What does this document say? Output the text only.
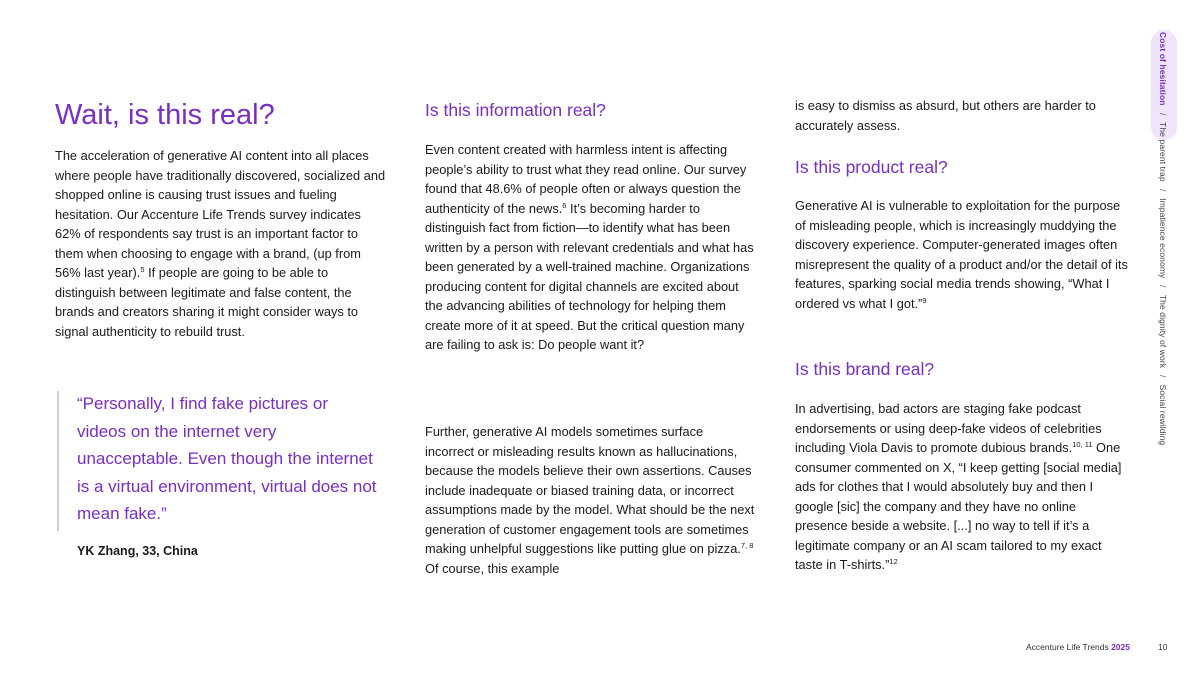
Wait, is this real?

The acceleration of generative AI content into all places where people have traditionally discovered, socialized and shopped online is causing trust issues and fueling hesitation. Our Accenture Life Trends survey indicates 62% of respondents say trust is an important factor to them when choosing to engage with a brand, (up from 56% last year).$^5$ If people are going to be able to distinguish between legitimate and false content, the brands and creators sharing it might consider ways to signal authenticity to rebuild trust.

“Personally, I find fake pictures or videos on the internet very unacceptable. Even though the internet is a virtual environment, virtual does not mean fake.”

YK Zhang, 33, China

Is this information real?

Even content created with harmless intent is affecting people’s ability to trust what they read online. Our survey found that 48.6% of people often or always question the authenticity of the news.$^6$ It’s becoming harder to distinguish fact from fiction—to identify what has been written by a person with relevant credentials and what has been generated by a well-trained machine. Organizations producing content for digital channels are excited about the advancing abilities of technology for helping them create more of it at speed. But the critical question many are failing to ask is: Do people want it?

Further, generative AI models sometimes surface incorrect or misleading results known as hallucinations, because the models believe their own assertions. Causes include inadequate or biased training data, or incorrect assumptions made by the model. What should be the next generation of customer engagement tools are sometimes making unhelpful suggestions like putting glue on pizza.$^{7, 8}$ Of course, this example

is easy to dismiss as absurd, but others are harder to accurately assess.

Is this product real?

Generative AI is vulnerable to exploitation for the purpose of misleading people, which is increasingly muddying the discovery experience. Computer-generated images often misrepresent the quality of a product and/or the detail of its features, sparking social media trends showing, “What I ordered vs what I got.”$^9$

Is this brand real?

In advertising, bad actors are staging fake podcast endorsements or using deep-fake videos of celebrities including Viola Davis to promote dubious brands.$^{10, 11}$ One consumer commented on X, “I keep getting [social media] ads for clothes that I would absolutely buy and then I google [sic] the company and they have no online presence beside a website. [...] no way to tell if it’s a legitimate company or an AI scam tailored to my exact taste in T-shirts.”$^{12}$

Cost of hesitation/The parent trap/Impatience economy/The dignity of work/Social rewilding
Accenture Life Trends 2025	10
